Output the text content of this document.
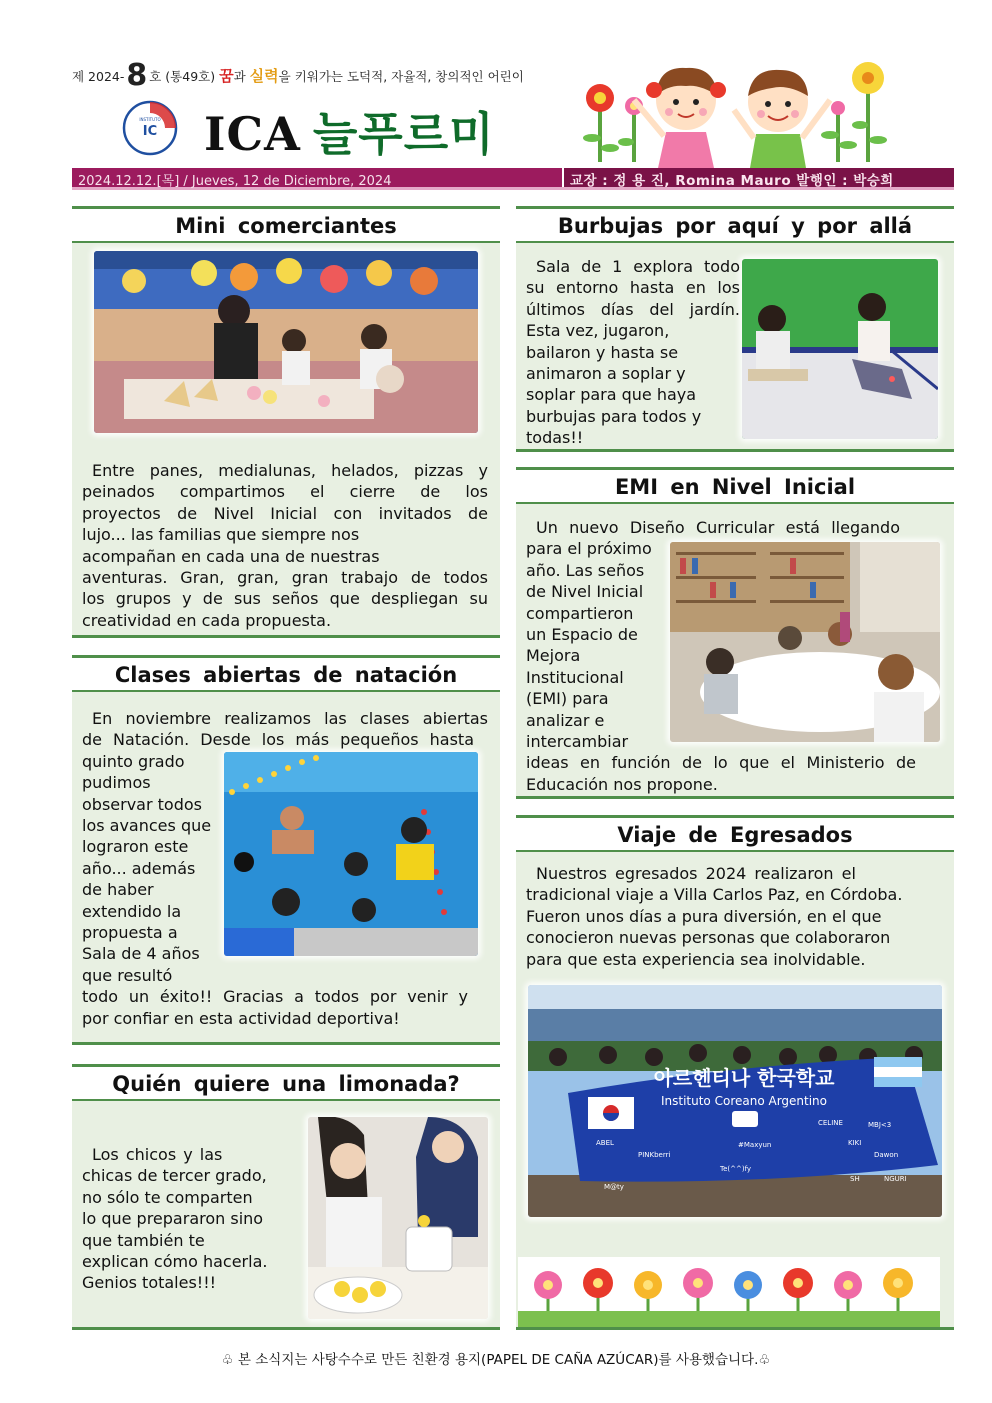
제 2024-8 호 (통49호) 꿈과 실력을 키워가는 도덕적, 자율적, 창의적인 어린이
INSTITUTO
IC ICA 늘푸르미
2024.12.12.[목] / Jueves, 12 de Diciembre, 2024	교장 : 정 용 진, Romina Mauro 발행인 : 박승희
Mini comerciantes
Entre panes, medialunas, helados, pizzas y
peinados compartimos el cierre de los
proyectos de Nivel Inicial con invitados de
lujo... las familias que siempre nos
acompañan en cada una de nuestras
aventuras. Gran, gran, gran trabajo de todos
los grupos y de sus seños que despliegan su
creatividad en cada propuesta.
Clases abiertas de natación
En noviembre realizamos las clases abiertas
de Natación. Desde los más pequeños hasta
quinto grado
pudimos
observar todos
los avances que
lograron este
año... además
de haber
extendido la
propuesta a
Sala de 4 años
que resultó
todo un éxito!! Gracias a todos por venir y
por confiar en esta actividad deportiva!
Quién quiere una limonada?
Los chicos y las
chicas de tercer grado,
no sólo te comparten
lo que prepararon sino
que también te
explican cómo hacerla.
Genios totales!!!
Burbujas por aquí y por allá
Sala de 1 explora todo
su entorno hasta en los
últimos días del jardín.
Esta vez, jugaron,
bailaron y hasta se
animaron a soplar y
soplar para que haya
burbujas para todos y
todas!!
EMI en Nivel Inicial
Un nuevo Diseño Curricular está llegando
para el próximo
año. Las seños
de Nivel Inicial
compartieron
un Espacio de
Mejora
Institucional
(EMI) para
analizar e
intercambiar
ideas en función de lo que el Ministerio de
Educación nos propone.
Viaje de Egresados
Nuestros egresados 2024 realizaron el
tradicional viaje a Villa Carlos Paz, en Córdoba.
Fueron unos días a pura diversión, en el que
conocieron nuevas personas que colaboraron
para que esta experiencia sea inolvidable.
아르헨티나 한국학교
Instituto Coreano Argentino
ABEL
CELINE	MBJ<3
KIKI
PINKberri
#Maxyun
Te(^^)fy
M@ty
SH	NGURI
Dawon
♧ 본 소식지는 사탕수수로 만든 친환경 용지(PAPEL DE CAÑA AZÚCAR)를 사용했습니다.♧
